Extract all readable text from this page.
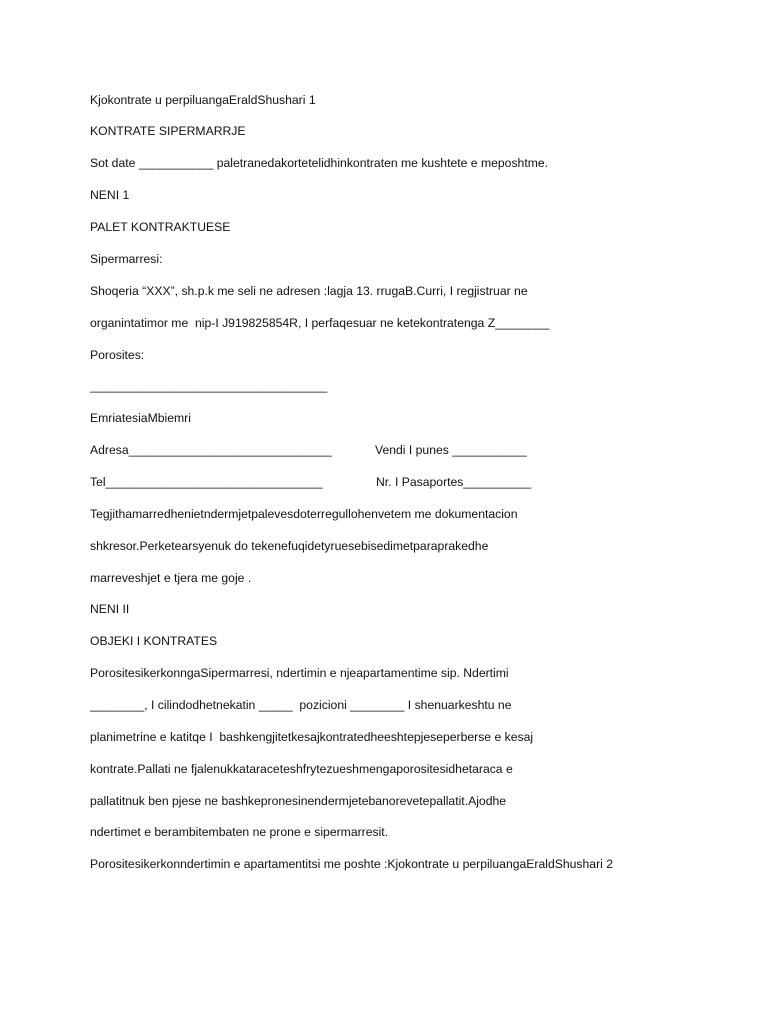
Kjokontrate u perpiluangaEraldShushari 1
KONTRATE SIPERMARRJE
Sot date ___________ paletranedakortetelidhinkontraten me kushtete e meposhtme.
NENI 1
PALET KONTRAKTUESE
Sipermarresi:
Shoqeria “XXX”, sh.p.k me seli ne adresen :lagja 13. rrugaB.Curri, I regjistruar ne
organintatimor me  nip-I J919825854R, I perfaqesuar ne ketekontratenga Z________
Porosites:
___________________________________
EmriatesiaMbiemri
Adresa______________________________	Vendi I punes ___________
Tel________________________________	Nr. I Pasaportes__________
Tegjithamarredhenietndermjetpalevesdoterregullohenvetem me dokumentacion
shkresor.Perketearsyenuk do tekenefuqidetyruesebisedimetparaprakedhe
marreveshjet e tjera me goje .
NENI II
OBJEKI I KONTRATES
PorositesikerkonngaSipermarresi, ndertimin e njeapartamentime sip. Ndertimi
________, I cilindodhetnekatin _____  pozicioni ________ I shenuarkeshtu ne
planimetrine e katitqe I  bashkengjitetkesajkontratedheeshtepjeseperberse e kesaj
kontrate.Pallati ne fjalenukkataraceteshfrytezueshmengaporositesidhetaraca e
pallatitnuk ben pjese ne bashkepronesinendermjetebanorevetepallatit.Ajodhe
ndertimet e berambitembaten ne prone e sipermarresit.
Porositesikerkonndertimin e apartamentitsi me poshte :Kjokontrate u perpiluangaEraldShushari 2
